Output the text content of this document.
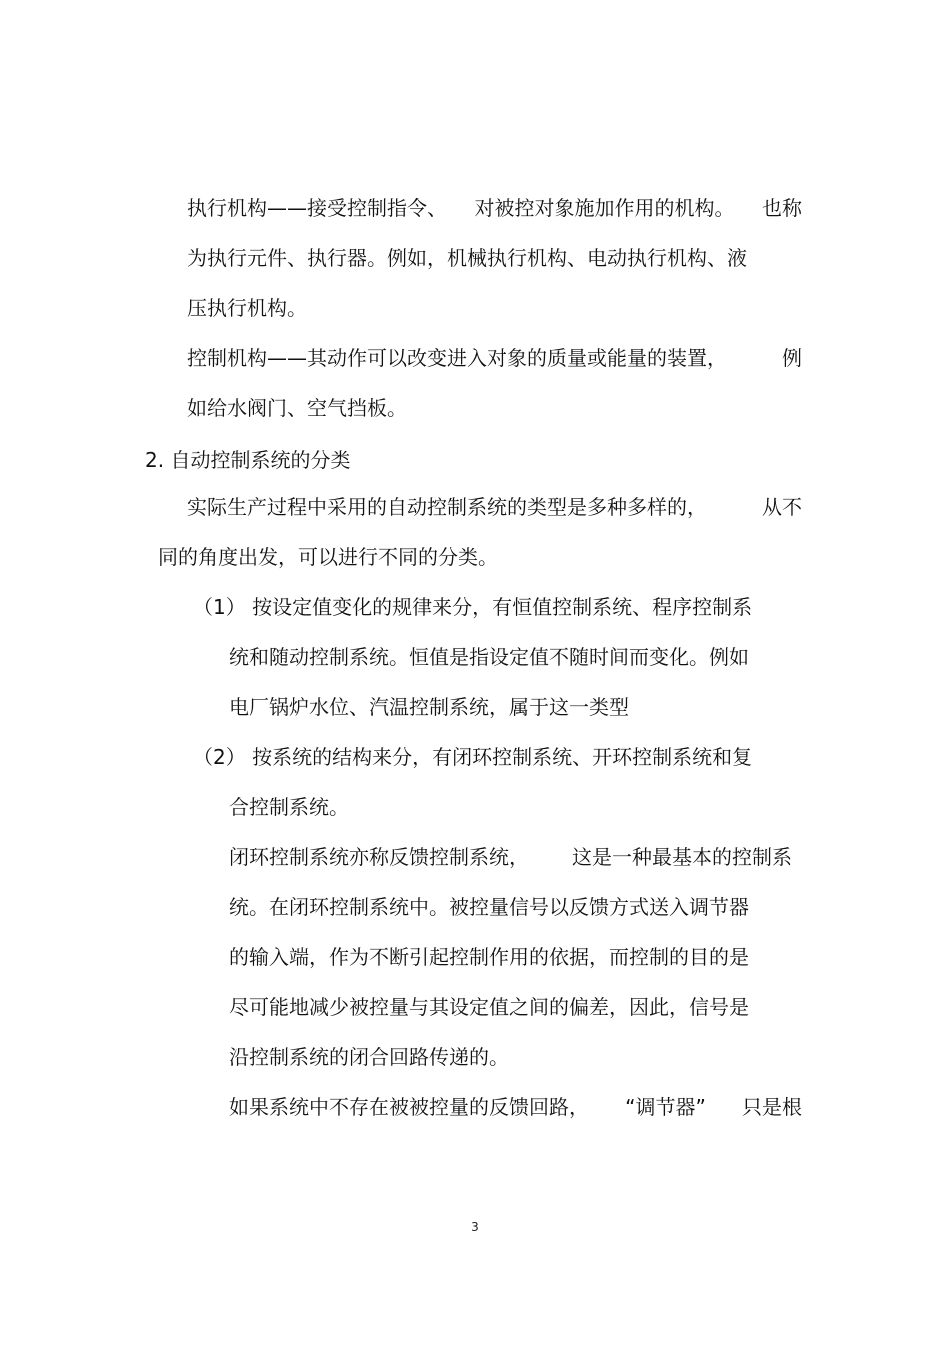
执行机构——接受控制指令、 对被控对象施加作用的机构。 也称
为执行元件、执行器。例如，机械执行机构、电动执行机构、液
压执行机构。
控制机构——其动作可以改变进入对象的质量或能量的装置，	例
如给水阀门、空气挡板。
2. 自动控制系统的分类
实际生产过程中采用的自动控制系统的类型是多种多样的，	从不
同的角度出发，可以进行不同的分类。
（1） 按设定值变化的规律来分，有恒值控制系统、程序控制系
统和随动控制系统。恒值是指设定值不随时间而变化。例如
电厂锅炉水位、汽温控制系统，属于这一类型
（2） 按系统的结构来分，有闭环控制系统、开环控制系统和复
合控制系统。
闭环控制系统亦称反馈控制系统， 这是一种最基本的控制系
统。在闭环控制系统中。被控量信号以反馈方式送入调节器
的输入端，作为不断引起控制作用的依据，而控制的目的是
尽可能地减少被控量与其设定值之间的偏差，因此，信号是
沿控制系统的闭合回路传递的。
如果系统中不存在被被控量的反馈回路， “调节器” 只是根
3
